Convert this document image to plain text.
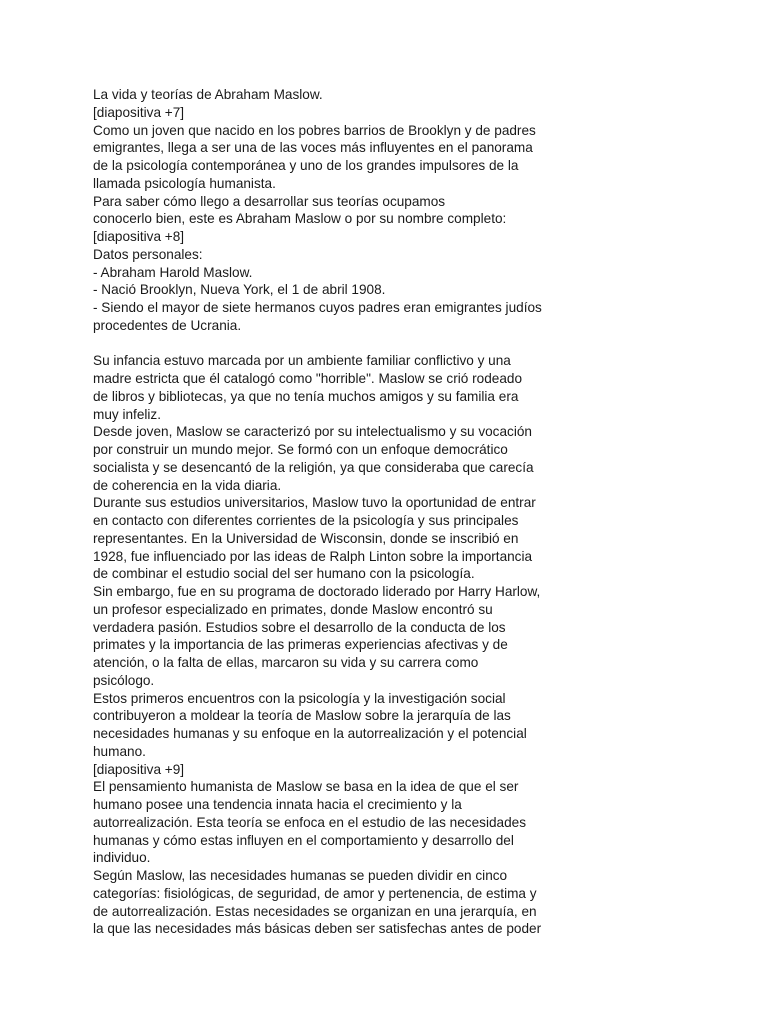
La vida y teorías de Abraham Maslow.
[diapositiva +7]
Como un joven que nacido en los pobres barrios de Brooklyn y de padres
emigrantes, llega a ser una de las voces más influyentes en el panorama
de la psicología contemporánea y uno de los grandes impulsores de la
llamada psicología humanista.
Para saber cómo llego a desarrollar sus teorías ocupamos
conocerlo bien, este es Abraham Maslow o por su nombre completo:
[diapositiva +8]
Datos personales:
- Abraham Harold Maslow.
- Nació Brooklyn, Nueva York, el 1 de abril 1908.
- Siendo el mayor de siete hermanos cuyos padres eran emigrantes judíos
procedentes de Ucrania.
Su infancia estuvo marcada por un ambiente familiar conflictivo y una
madre estricta que él catalogó como "horrible". Maslow se crió rodeado
de libros y bibliotecas, ya que no tenía muchos amigos y su familia era
muy infeliz.
Desde joven, Maslow se caracterizó por su intelectualismo y su vocación
por construir un mundo mejor. Se formó con un enfoque democrático
socialista y se desencantó de la religión, ya que consideraba que carecía
de coherencia en la vida diaria.
Durante sus estudios universitarios, Maslow tuvo la oportunidad de entrar
en contacto con diferentes corrientes de la psicología y sus principales
representantes. En la Universidad de Wisconsin, donde se inscribió en
1928, fue influenciado por las ideas de Ralph Linton sobre la importancia
de combinar el estudio social del ser humano con la psicología.
Sin embargo, fue en su programa de doctorado liderado por Harry Harlow,
un profesor especializado en primates, donde Maslow encontró su
verdadera pasión. Estudios sobre el desarrollo de la conducta de los
primates y la importancia de las primeras experiencias afectivas y de
atención, o la falta de ellas, marcaron su vida y su carrera como
psicólogo.
Estos primeros encuentros con la psicología y la investigación social
contribuyeron a moldear la teoría de Maslow sobre la jerarquía de las
necesidades humanas y su enfoque en la autorrealización y el potencial
humano.
[diapositiva +9]
El pensamiento humanista de Maslow se basa en la idea de que el ser
humano posee una tendencia innata hacia el crecimiento y la
autorrealización. Esta teoría se enfoca en el estudio de las necesidades
humanas y cómo estas influyen en el comportamiento y desarrollo del
individuo.
Según Maslow, las necesidades humanas se pueden dividir en cinco
categorías: fisiológicas, de seguridad, de amor y pertenencia, de estima y
de autorrealización. Estas necesidades se organizan en una jerarquía, en
la que las necesidades más básicas deben ser satisfechas antes de poder
